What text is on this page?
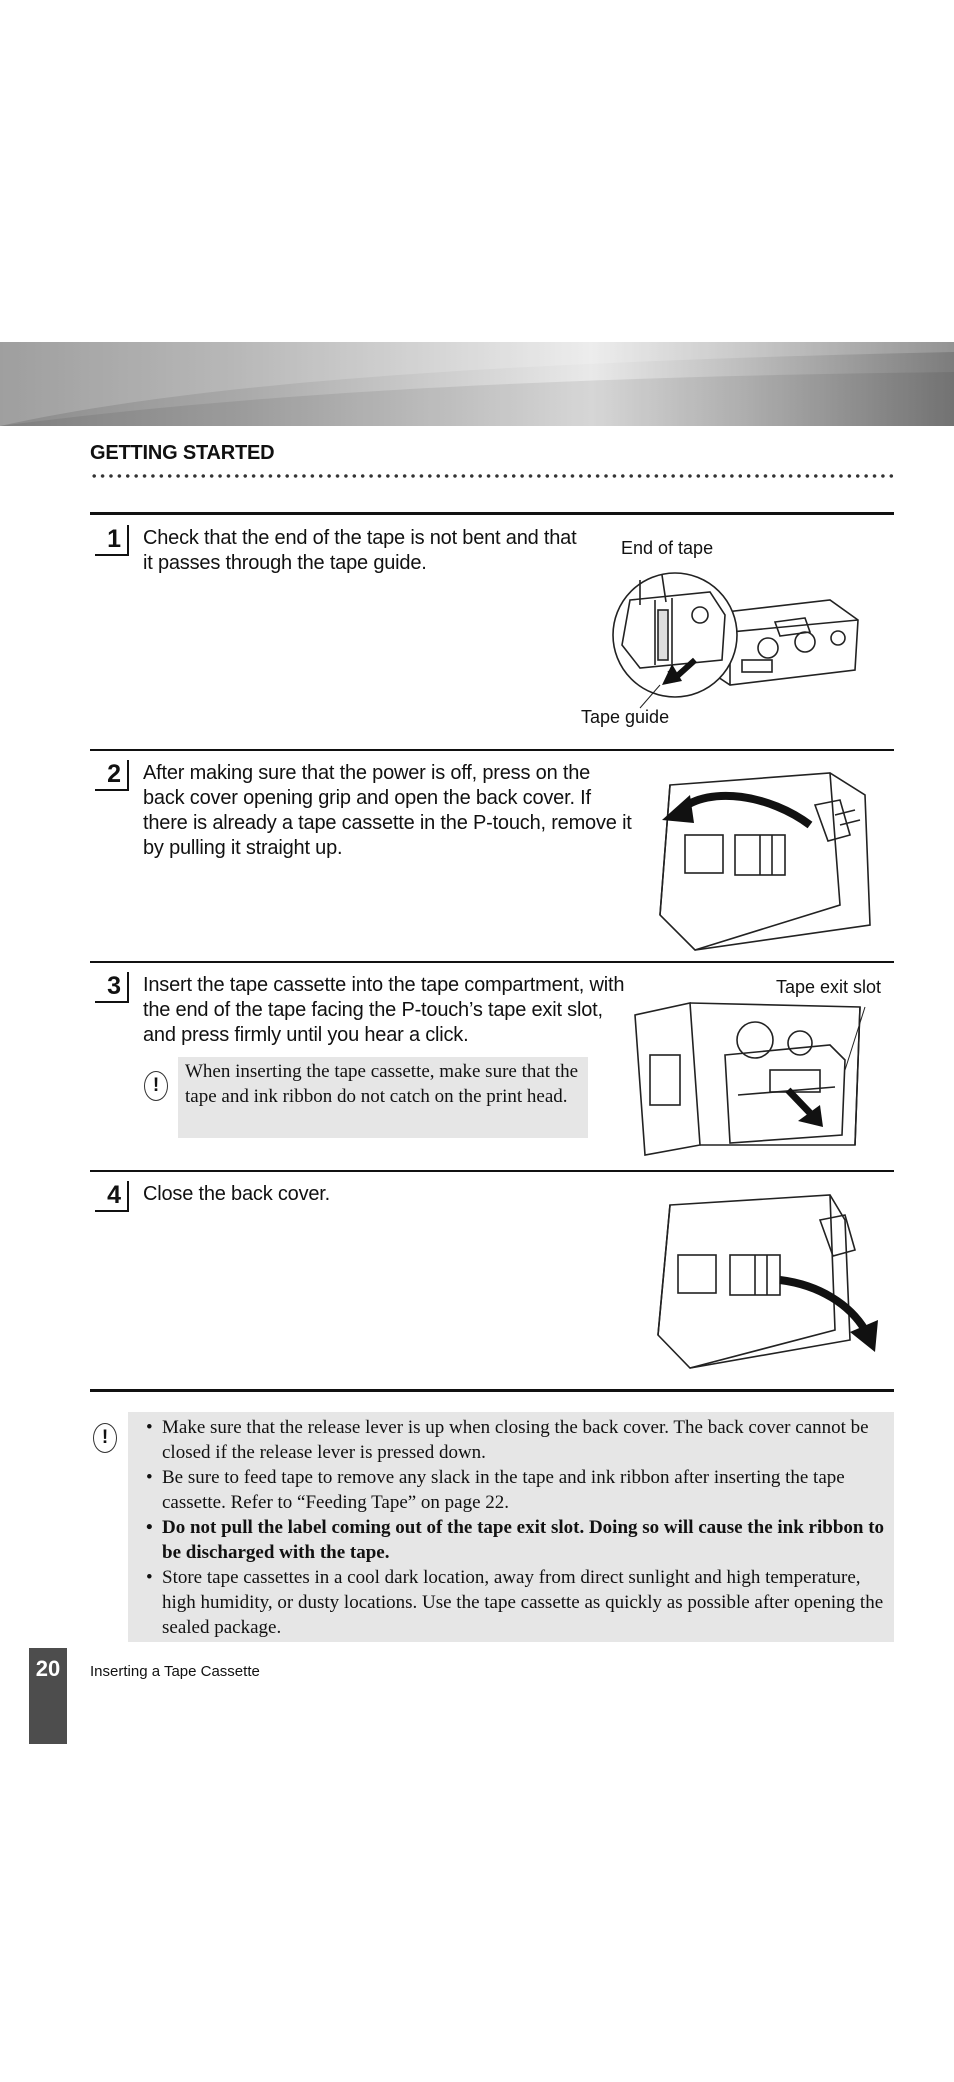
GETTING STARTED
1	Check that the end of the tape is not bent and that it passes through the tape guide.
End of tape
Tape guide
2	After making sure that the power is off, press on the back cover opening grip and open the back cover. If there is already a tape cassette in the P-touch, remove it by pulling it straight up.
3	Insert the tape cassette into the tape compartment, with the end of the tape facing the P-touch’s tape exit slot, and press firmly until you hear a click.
When inserting the tape cassette, make sure that the tape and ink ribbon do not catch on the print head.
!
Tape exit slot
4	Close the back cover.
!
•	Make sure that the release lever is up when closing the back cover. The back cover cannot be closed if the release lever is pressed down.
• Be sure to feed tape to remove any slack in the tape and ink ribbon after inserting the tape cassette. Refer to “Feeding Tape” on page 22.
• Do not pull the label coming out of the tape exit slot. Doing so will cause the ink ribbon to be discharged with the tape.
• Store tape cassettes in a cool dark location, away from direct sunlight and high temperature, high humidity, or dusty locations. Use the tape cassette as quickly as possible after opening the sealed package.
20	Inserting a Tape Cassette
